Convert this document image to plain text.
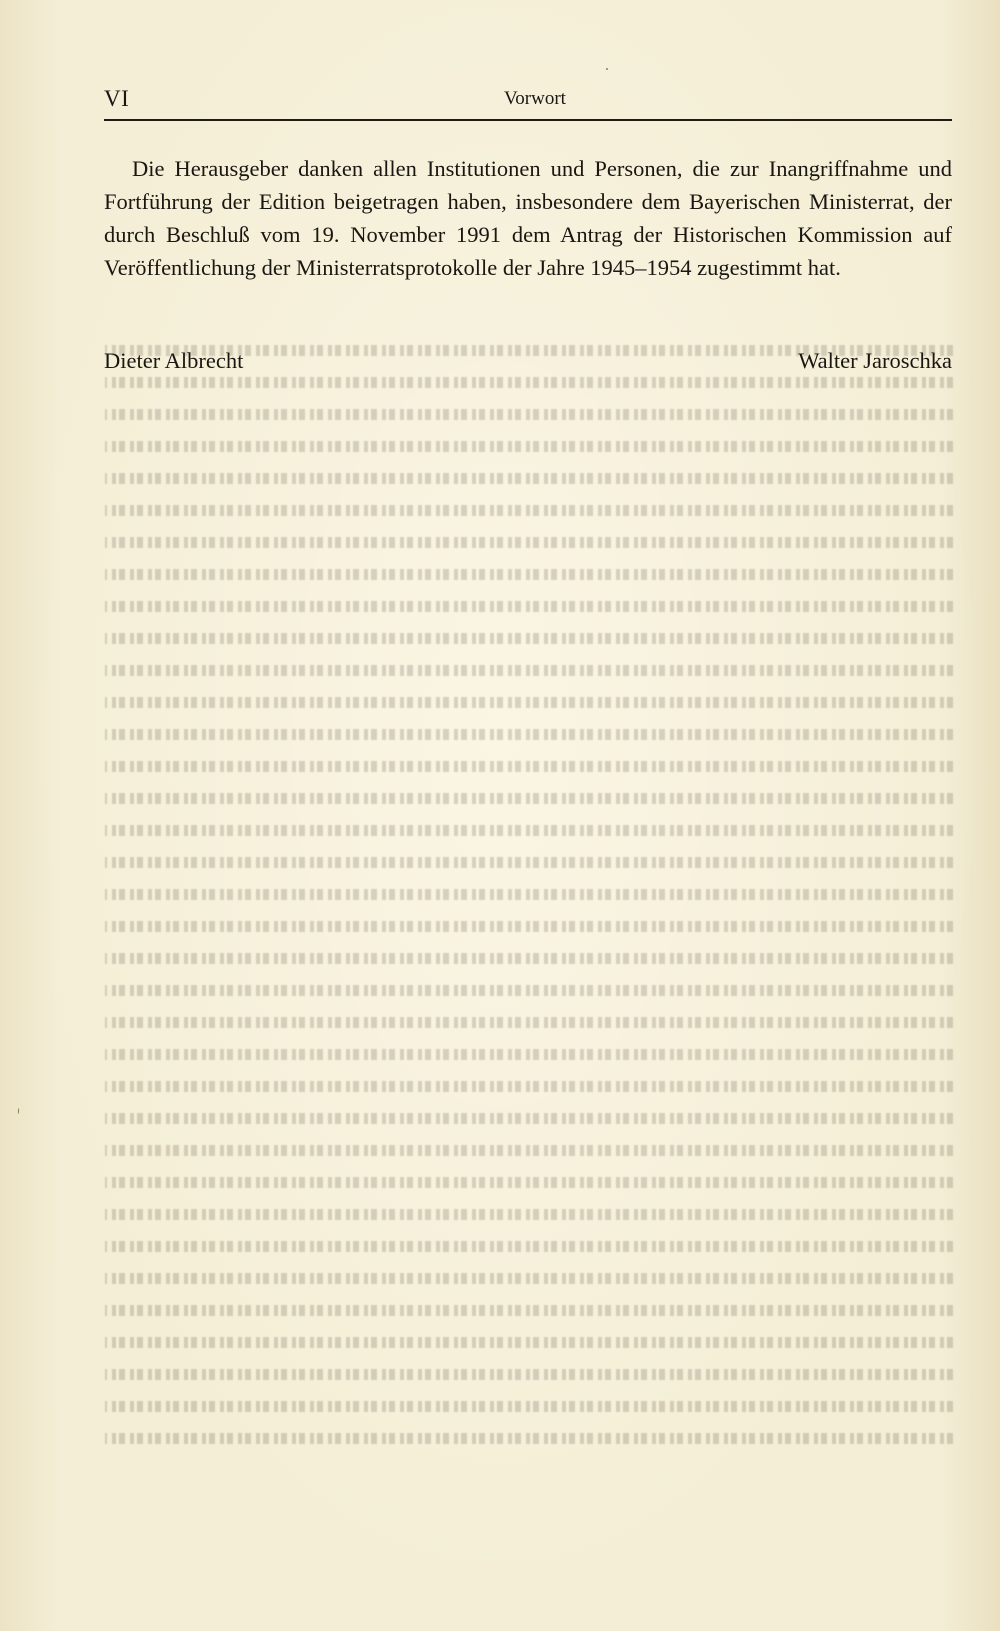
VI	Vorwort

Die Herausgeber danken allen Institutionen und Personen, die zur Inangriffnahme und Fortführung der Edition beigetragen haben, insbesondere dem Bayerischen Ministerrat, der durch Beschluß vom 19. November 1991 dem Antrag der Historischen Kommission auf Veröffentlichung der Ministerratsprotokolle der Jahre 1945–1954 zugestimmt hat.

Dieter Albrecht	Walter Jaroschka
